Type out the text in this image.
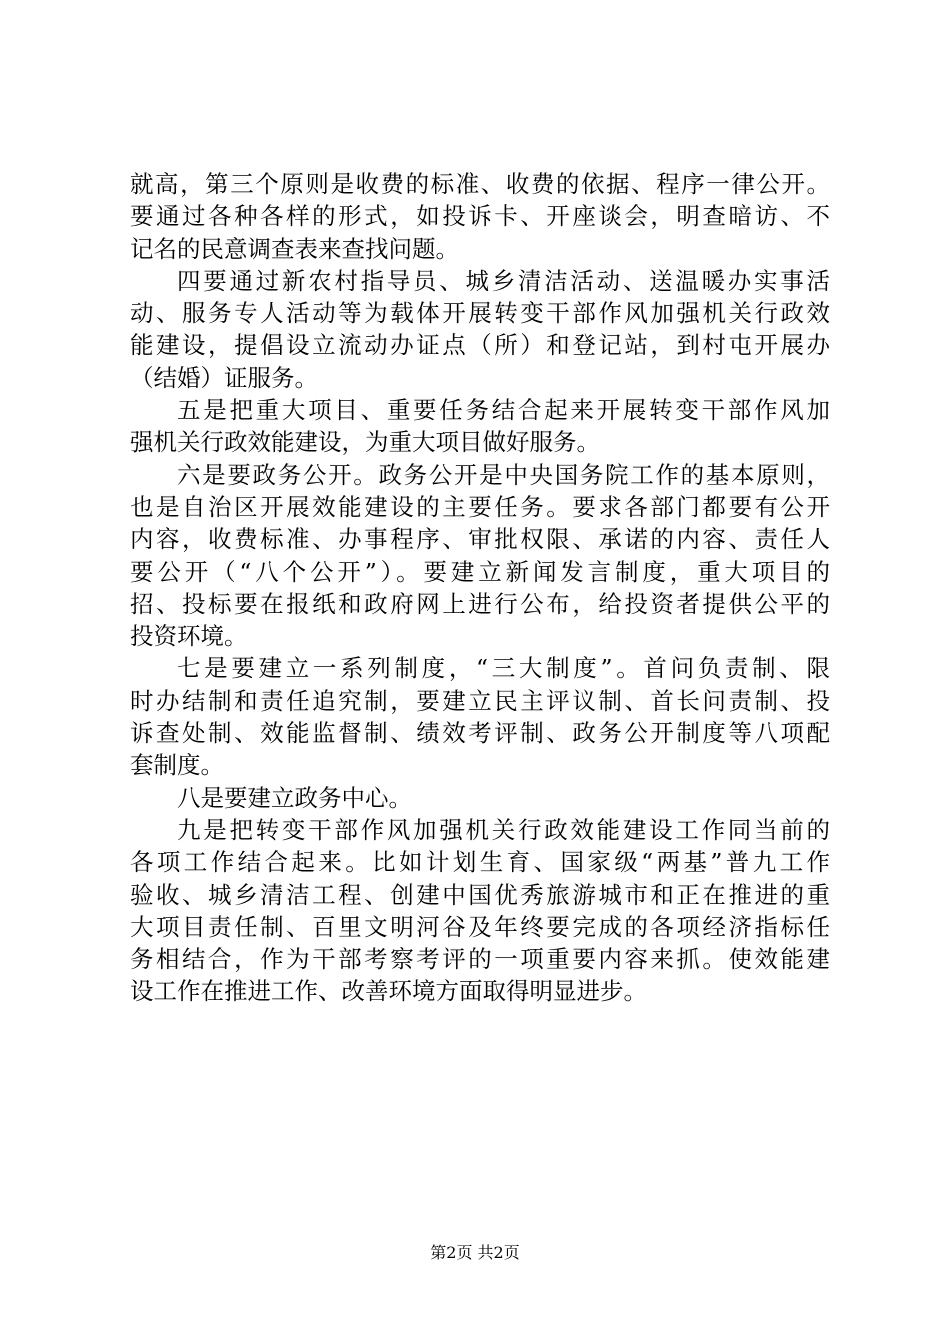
就高，第三个原则是收费的标准、收费的依据、程序一律公开。
要通过各种各样的形式，如投诉卡、开座谈会，明查暗访、不
记名的民意调查表来查找问题。
四要通过新农村指导员、城乡清洁活动、送温暖办实事活
动、服务专人活动等为载体开展转变干部作风加强机关行政效
能建设，提倡设立流动办证点（所）和登记站，到村屯开展办
（结婚）证服务。
五是把重大项目、重要任务结合起来开展转变干部作风加
强机关行政效能建设，为重大项目做好服务。
六是要政务公开。政务公开是中央国务院工作的基本原则，
也是自治区开展效能建设的主要任务。要求各部门都要有公开
内容，收费标准、办事程序、审批权限、承诺的内容、责任人
要公开（“八个公开”）。要建立新闻发言制度，重大项目的
招、投标要在报纸和政府网上进行公布，给投资者提供公平的
投资环境。
七是要建立一系列制度，“三大制度”。首问负责制、限
时办结制和责任追究制，要建立民主评议制、首长问责制、投
诉查处制、效能监督制、绩效考评制、政务公开制度等八项配
套制度。
八是要建立政务中心。
九是把转变干部作风加强机关行政效能建设工作同当前的
各项工作结合起来。比如计划生育、国家级“两基”普九工作
验收、城乡清洁工程、创建中国优秀旅游城市和正在推进的重
大项目责任制、百里文明河谷及年终要完成的各项经济指标任
务相结合，作为干部考察考评的一项重要内容来抓。使效能建
设工作在推进工作、改善环境方面取得明显进步。
第2页 共2页
